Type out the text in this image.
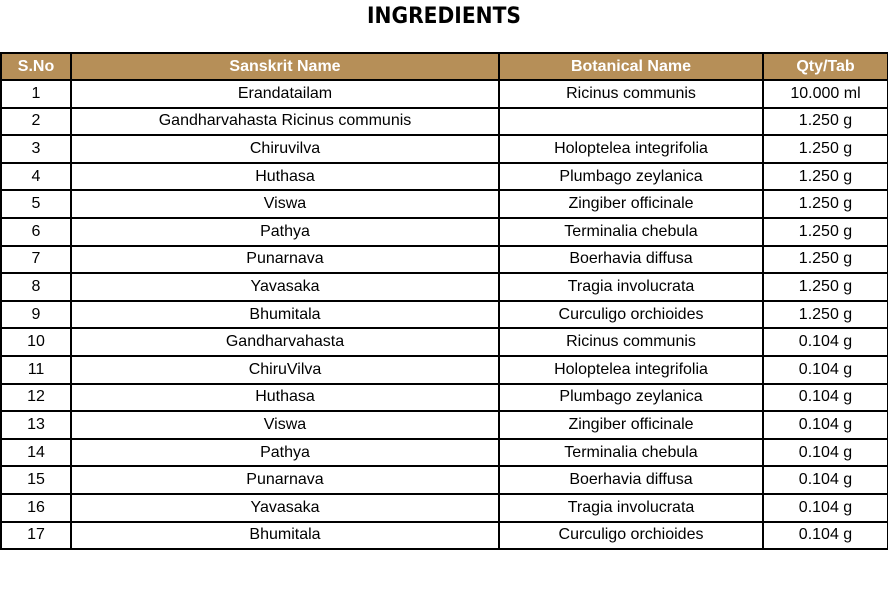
INGREDIENTS
S.No	Sanskrit Name	Botanical Name	Qty/Tab
1	Erandatailam	Ricinus communis	10.000 ml
2	Gandharvahasta Ricinus communis		1.250 g
3	Chiruvilva	Holoptelea integrifolia	1.250 g
4	Huthasa	Plumbago zeylanica	1.250 g
5	Viswa	Zingiber officinale	1.250 g
6	Pathya	Terminalia chebula	1.250 g
7	Punarnava	Boerhavia diffusa	1.250 g
8	Yavasaka	Tragia involucrata	1.250 g
9	Bhumitala	Curculigo orchioides	1.250 g
10	Gandharvahasta	Ricinus communis	0.104 g
11	ChiruVilva	Holoptelea integrifolia	0.104 g
12	Huthasa	Plumbago zeylanica	0.104 g
13	Viswa	Zingiber officinale	0.104 g
14	Pathya	Terminalia chebula	0.104 g
15	Punarnava	Boerhavia diffusa	0.104 g
16	Yavasaka	Tragia involucrata	0.104 g
17	Bhumitala	Curculigo orchioides	0.104 g
